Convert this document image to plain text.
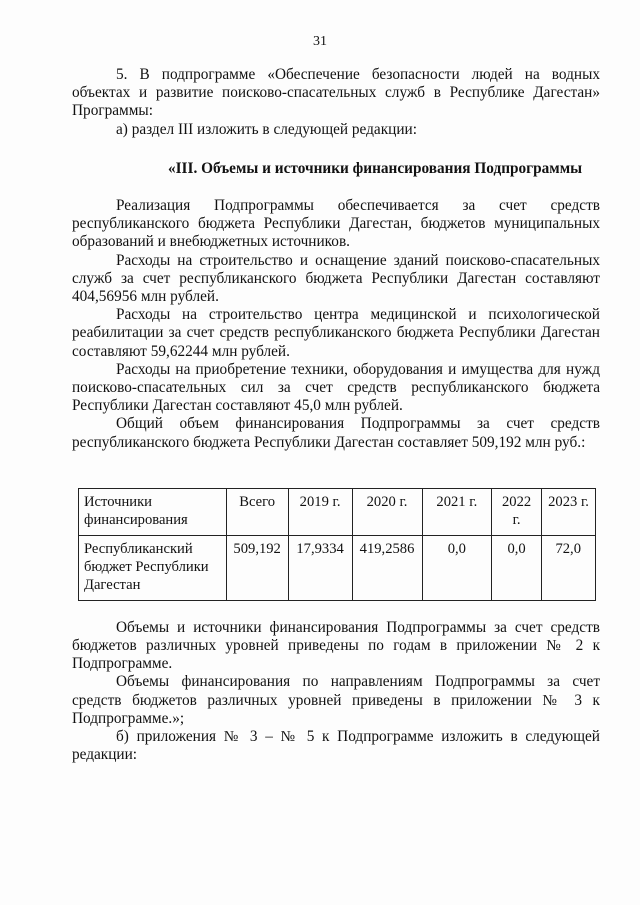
31

5. В подпрограмме «Обеспечение безопасности людей на водных объектах и развитие поисково-спасательных служб в Республике Дагестан» Программы:

а) раздел III изложить в следующей редакции:

«III. Объемы и источники финансирования Подпрограммы

Реализация Подпрограммы обеспечивается за счет средств республиканского бюджета Республики Дагестан, бюджетов муниципальных образований и внебюджетных источников.

Расходы на строительство и оснащение зданий поисково-спасательных служб за счет республиканского бюджета Республики Дагестан составляют 404,56956 млн рублей.

Расходы на строительство центра медицинской и психологической реабилитации за счет средств республиканского бюджета Республики Дагестан составляют 59,62244 млн рублей.

Расходы на приобретение техники, оборудования и имущества для нужд поисково-спасательных сил за счет средств республиканского бюджета Республики Дагестан составляют 45,0 млн рублей.

Общий объем финансирования Подпрограммы за счет средств республиканского бюджета Республики Дагестан составляет 509,192 млн руб.:

Источники финансирования	Всего	2019 г.	2020 г.	2021 г.	2022 г.	2023 г.
Республиканский бюджет Республики Дагестан	509,192	17,9334	419,2586	0,0	0,0	72,0

Объемы и источники финансирования Подпрограммы за счет средств бюджетов различных уровней приведены по годам в приложении № 2 к Подпрограмме.

Объемы финансирования по направлениям Подпрограммы за счет средств бюджетов различных уровней приведены в приложении № 3 к Подпрограмме.»;

б) приложения № 3 – № 5 к Подпрограмме изложить в следующей редакции:
